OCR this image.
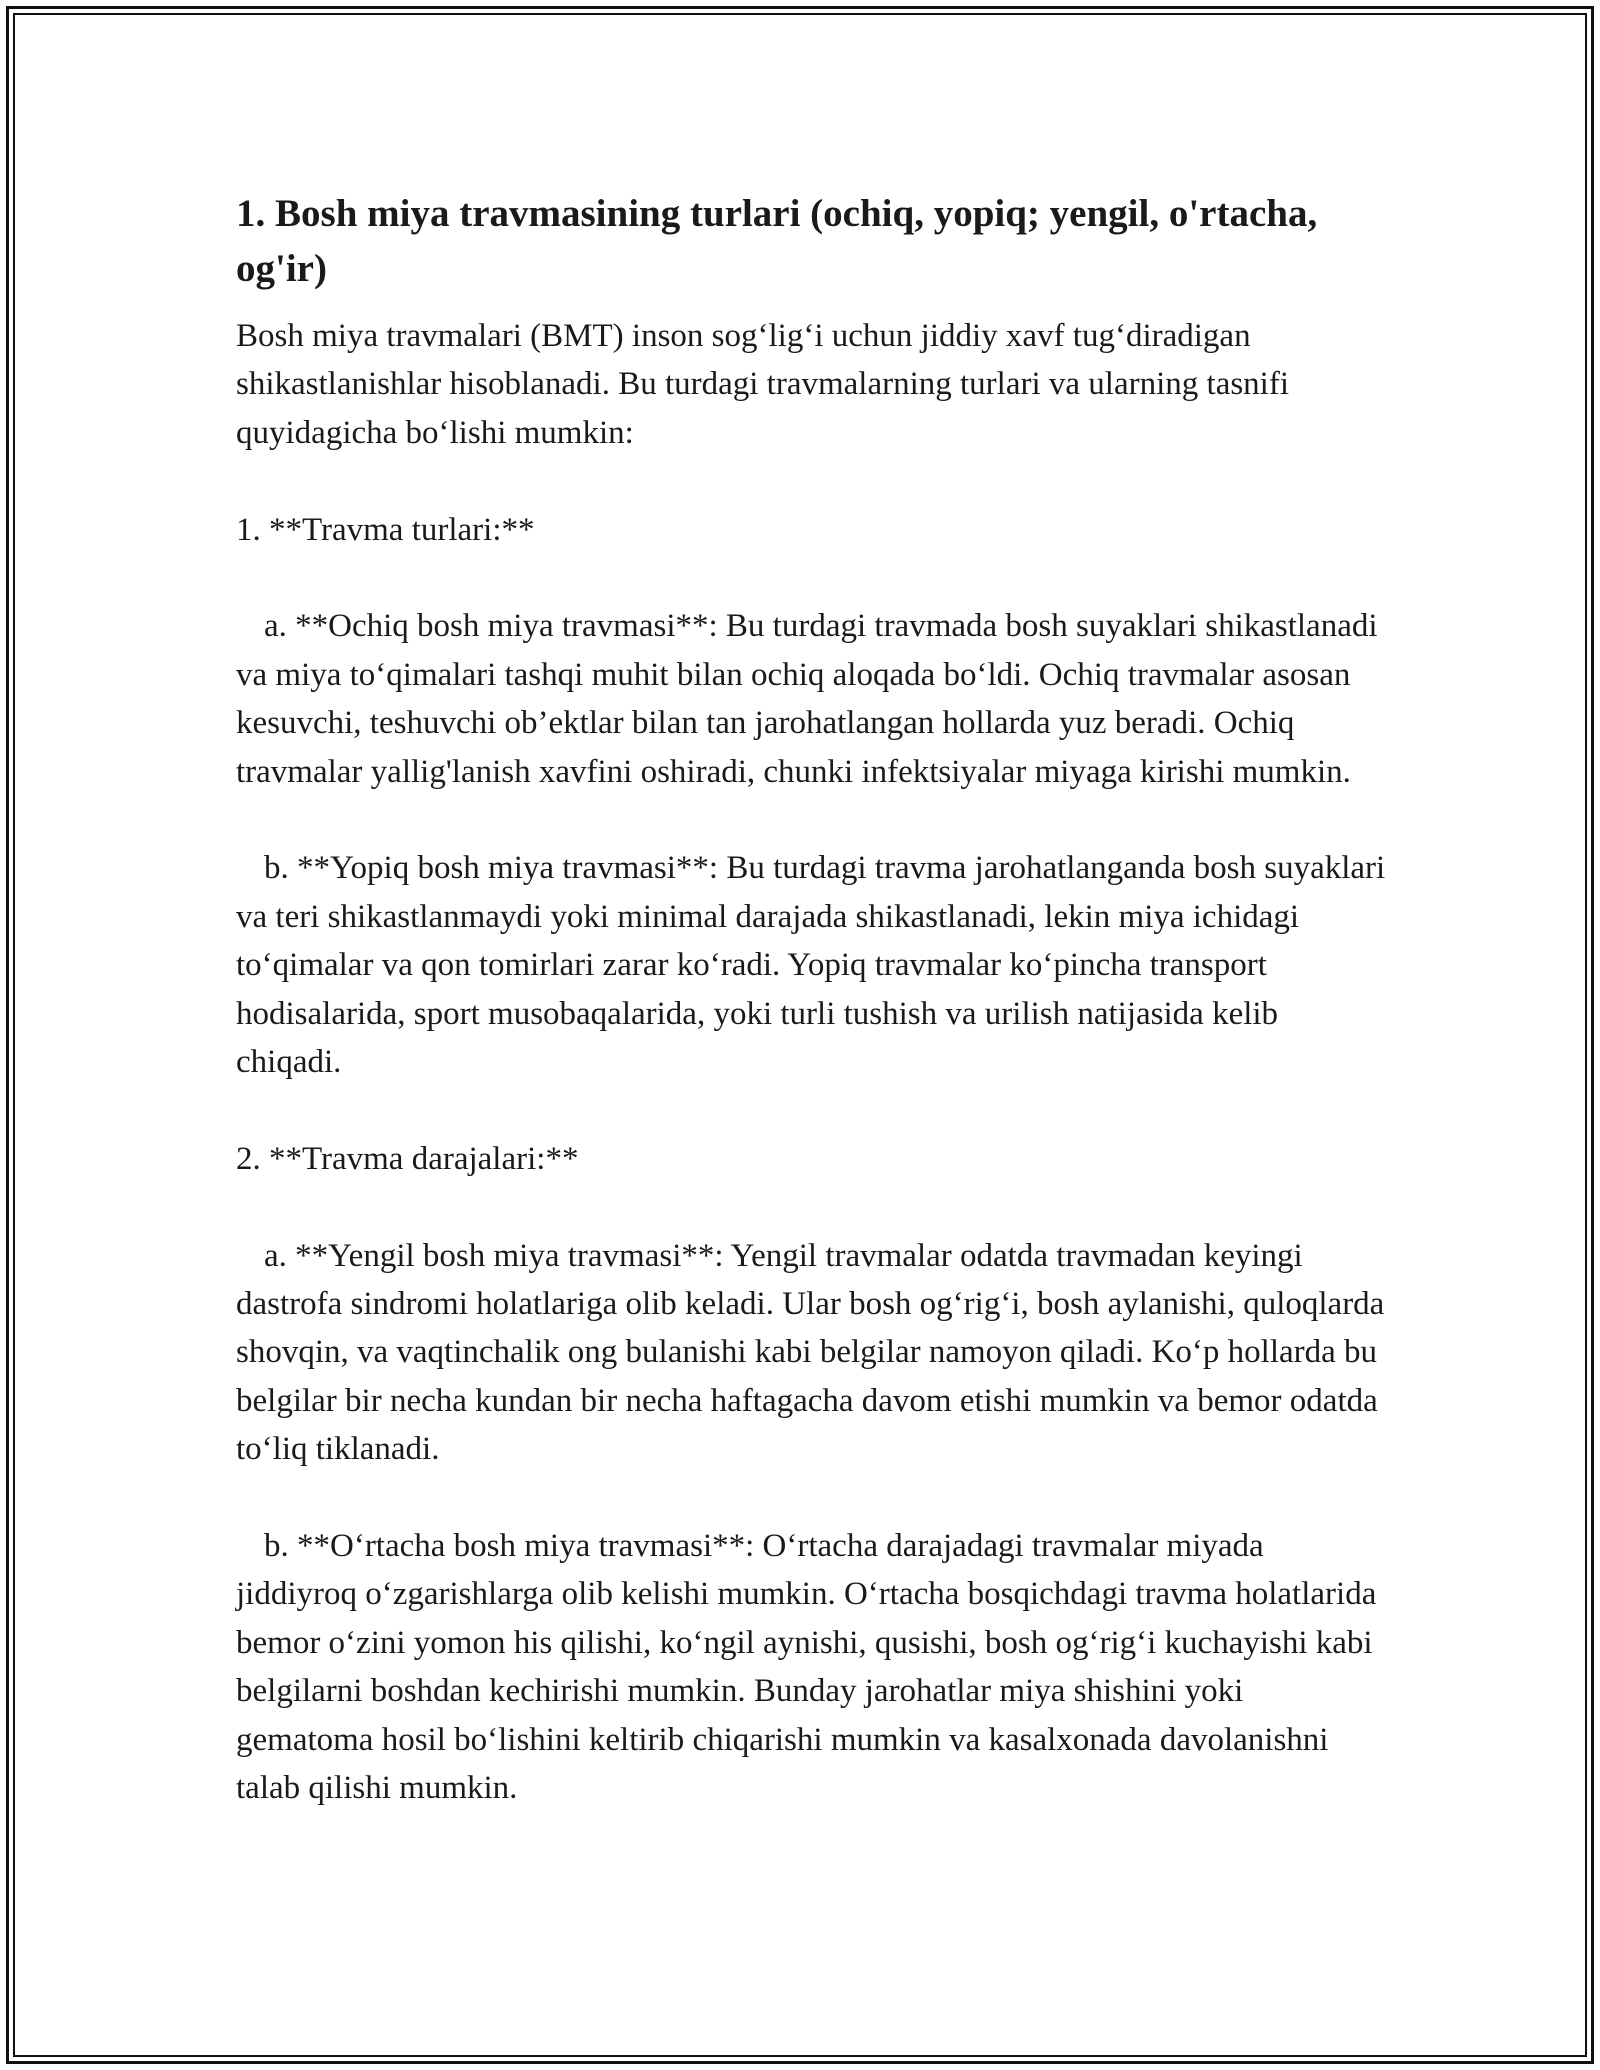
1. Bosh miya travmasining turlari (ochiq, yopiq; yengil, o'rtacha, og'ir)

Bosh miya travmalari (BMT) inson sog‘lig‘i uchun jiddiy xavf tug‘diradigan shikastlanishlar hisoblanadi. Bu turdagi travmalarning turlari va ularning tasnifi quyidagicha bo‘lishi mumkin:

1. **Travma turlari:**

a. **Ochiq bosh miya travmasi**: Bu turdagi travmada bosh suyaklari shikastlanadi va miya to‘qimalari tashqi muhit bilan ochiq aloqada bo‘ldi. Ochiq travmalar asosan kesuvchi, teshuvchi ob’ektlar bilan tan jarohatlangan hollarda yuz beradi. Ochiq travmalar yallig'lanish xavfini oshiradi, chunki infektsiyalar miyaga kirishi mumkin.

b. **Yopiq bosh miya travmasi**: Bu turdagi travma jarohatlanganda bosh suyaklari va teri shikastlanmaydi yoki minimal darajada shikastlanadi, lekin miya ichidagi to‘qimalar va qon tomirlari zarar ko‘radi. Yopiq travmalar ko‘pincha transport hodisalarida, sport musobaqalarida, yoki turli tushish va urilish natijasida kelib chiqadi.

2. **Travma darajalari:**

a. **Yengil bosh miya travmasi**: Yengil travmalar odatda travmadan keyingi dastrofa sindromi holatlariga olib keladi. Ular bosh og‘rig‘i, bosh aylanishi, quloqlarda shovqin, va vaqtinchalik ong bulanishi kabi belgilar namoyon qiladi. Ko‘p hollarda bu belgilar bir necha kundan bir necha haftagacha davom etishi mumkin va bemor odatda to‘liq tiklanadi.

b. **O‘rtacha bosh miya travmasi**: O‘rtacha darajadagi travmalar miyada jiddiyroq o‘zgarishlarga olib kelishi mumkin. O‘rtacha bosqichdagi travma holatlarida bemor o‘zini yomon his qilishi, ko‘ngil aynishi, qusishi, bosh og‘rig‘i kuchayishi kabi belgilarni boshdan kechirishi mumkin. Bunday jarohatlar miya shishini yoki gematoma hosil bo‘lishini keltirib chiqarishi mumkin va kasalxonada davolanishni talab qilishi mumkin.
